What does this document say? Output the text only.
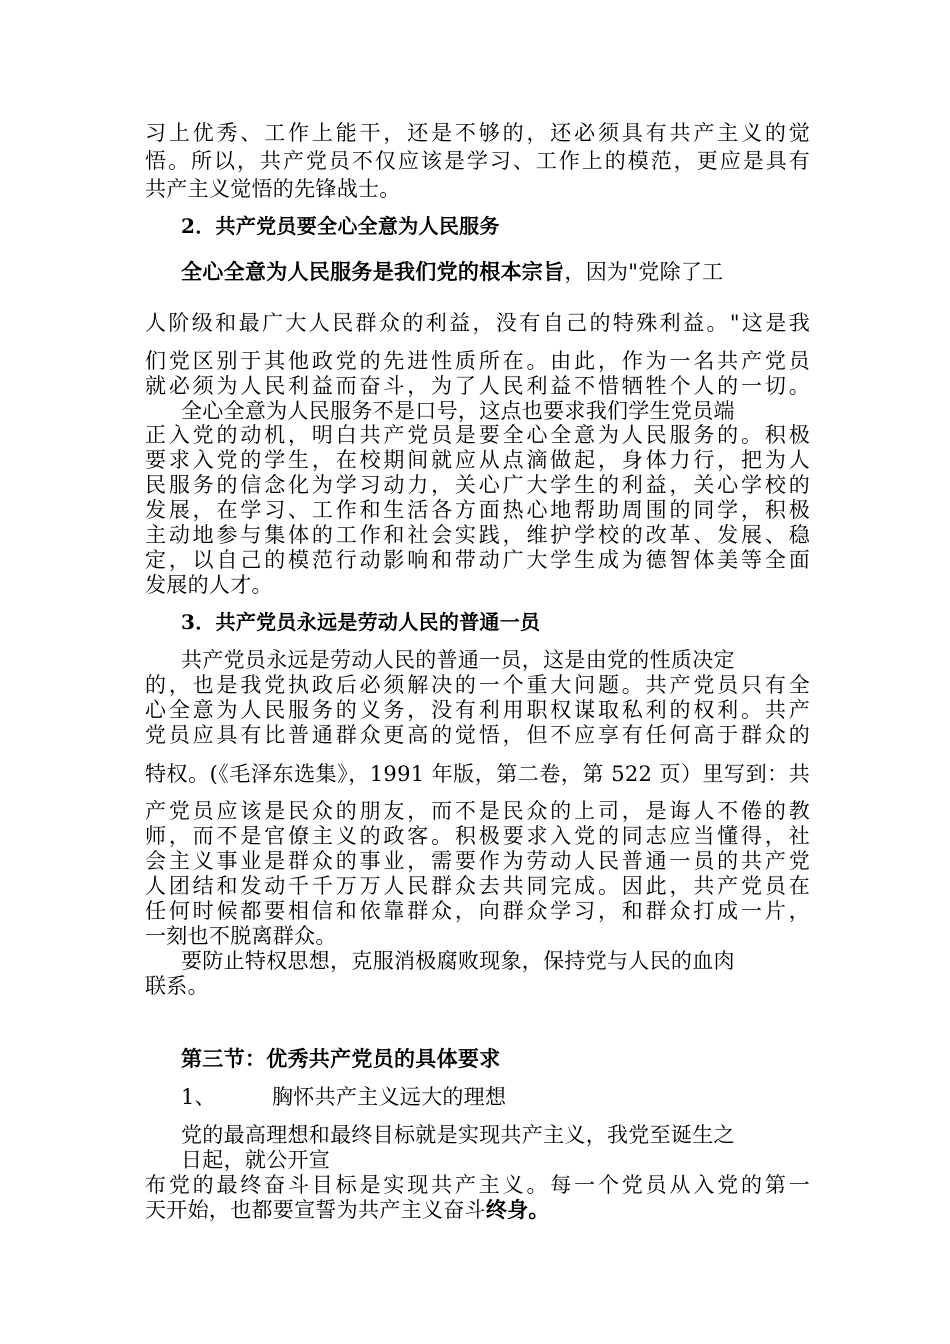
习上优秀、工作上能干，还是不够的，还必须具有共产主义的觉
悟。所以，共产党员不仅应该是学习、工作上的模范，更应是具有
共产主义觉悟的先锋战士。
2．共产党员要全心全意为人民服务
全心全意为人民服务是我们党的根本宗旨，因为"党除了工
人阶级和最广大人民群众的利益，没有自己的特殊利益。"这是我
们党区别于其他政党的先进性质所在。由此，作为一名共产党员
就必须为人民利益而奋斗，为了人民利益不惜牺牲个人的一切。
全心全意为人民服务不是口号，这点也要求我们学生党员端
正入党的动机，明白共产党员是要全心全意为人民服务的。积极
要求入党的学生，在校期间就应从点滴做起，身体力行，把为人
民服务的信念化为学习动力，关心广大学生的利益，关心学校的
发展，在学习、工作和生活各方面热心地帮助周围的同学，积极
主动地参与集体的工作和社会实践，维护学校的改革、发展、稳
定，以自己的模范行动影响和带动广大学生成为德智体美等全面
发展的人才。
3．共产党员永远是劳动人民的普通一员
共产党员永远是劳动人民的普通一员，这是由党的性质决定
的，也是我党执政后必须解决的一个重大问题。共产党员只有全
心全意为人民服务的义务，没有利用职权谋取私利的权利。共产
党员应具有比普通群众更高的觉悟，但不应享有任何高于群众的
特权。(《毛泽东选集》，1991 年版，第二卷，第 522 页）里写到：共
产党员应该是民众的朋友，而不是民众的上司，是诲人不倦的教
师，而不是官僚主义的政客。积极要求入党的同志应当懂得，社
会主义事业是群众的事业，需要作为劳动人民普通一员的共产党
人团结和发动千千万万人民群众去共同完成。因此，共产党员在
任何时候都要相信和依靠群众，向群众学习，和群众打成一片，
一刻也不脱离群众。
要防止特权思想，克服消极腐败现象，保持党与人民的血肉
联系。
第三节：优秀共产党员的具体要求
1、	胸怀共产主义远大的理想
党的最高理想和最终目标就是实现共产主义，我党至诞生之
日起，就公开宣
布党的最终奋斗目标是实现共产主义。每一个党员从入党的第一
天开始，也都要宣誓为共产主义奋斗终身。
